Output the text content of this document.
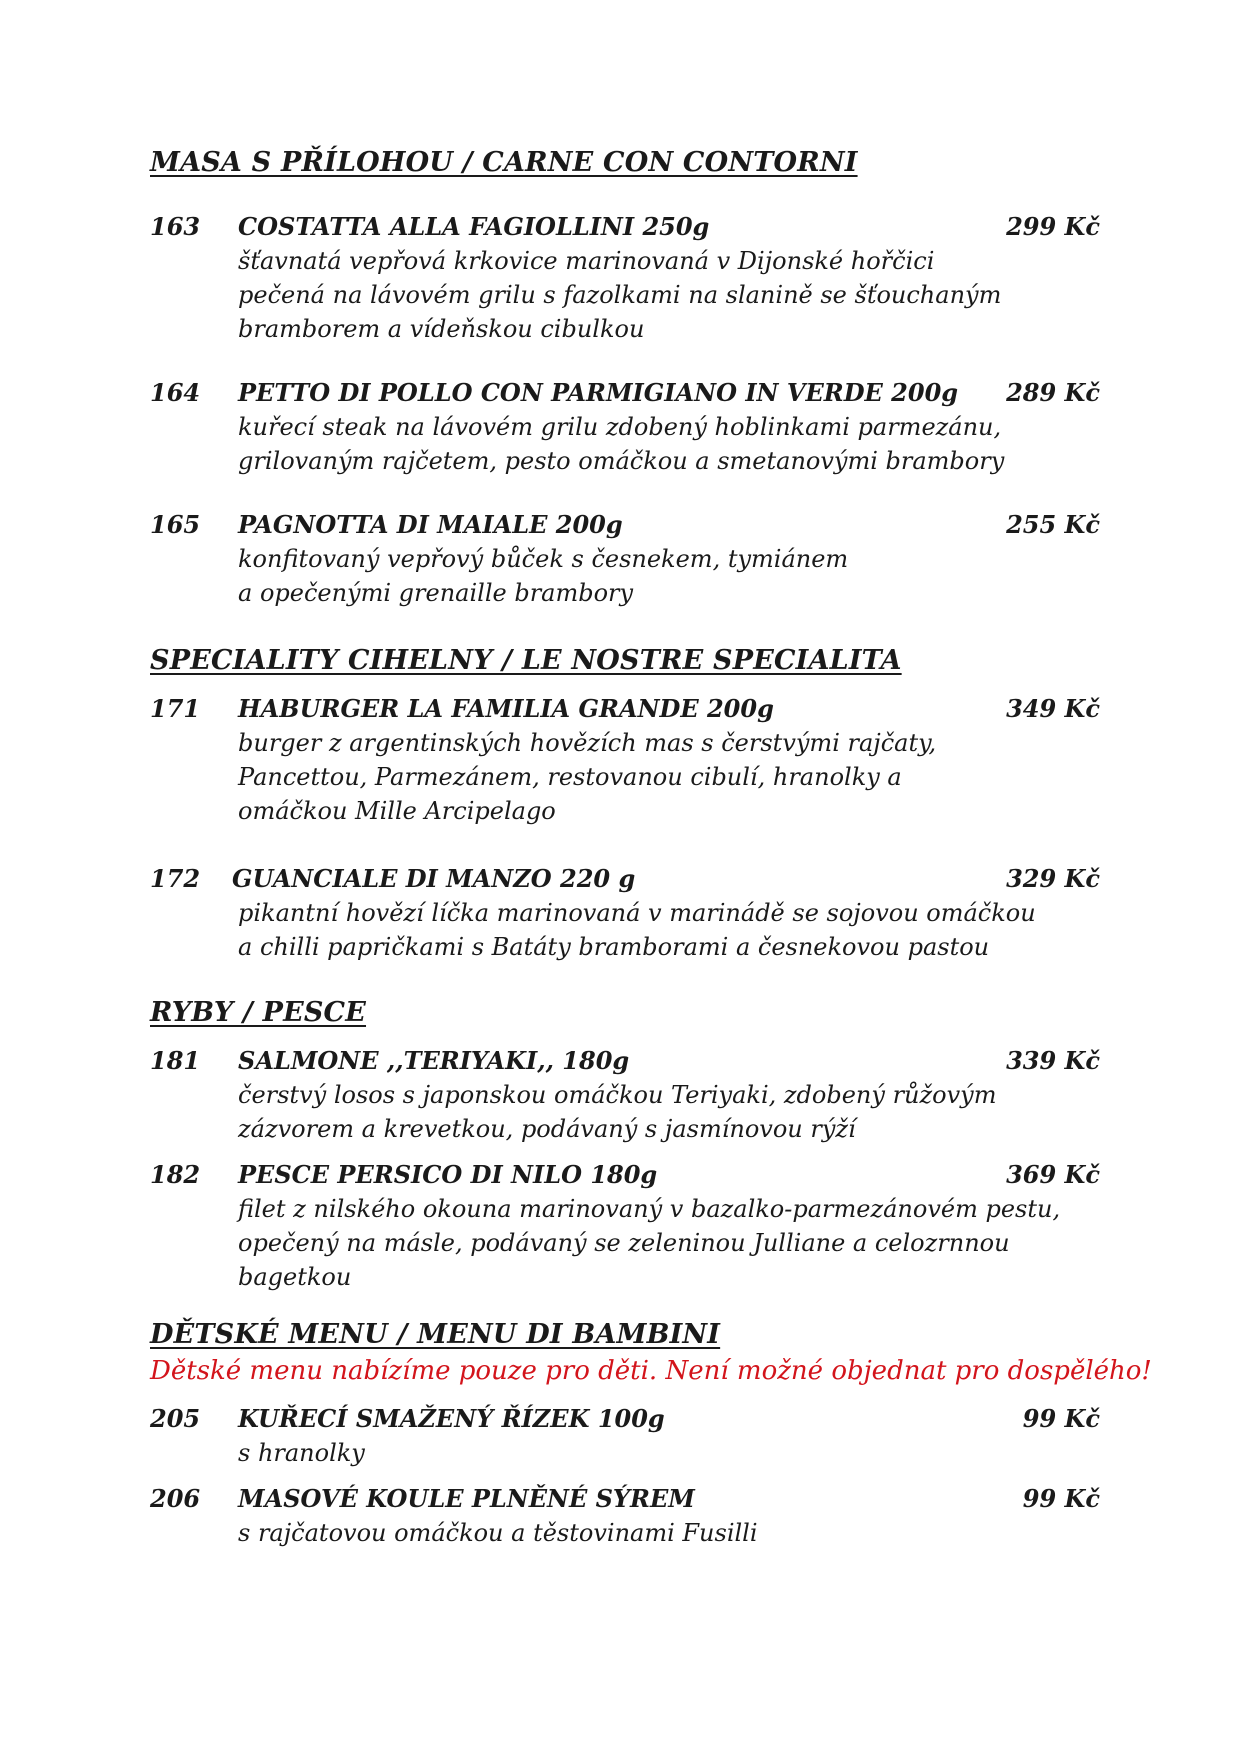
MASA S PŘÍLOHOU / CARNE CON CONTORNI
163 COSTATTA ALLA FAGIOLLINI 250g	299 Kč
šťavnatá vepřová krkovice marinovaná v Dijonské hořčici
pečená na lávovém grilu s fazolkami na slanině se šťouchaným
bramborem a vídeňskou cibulkou
164 PETTO DI POLLO CON PARMIGIANO IN VERDE 200g 289 Kč
kuřecí steak na lávovém grilu zdobený hoblinkami parmezánu,
grilovaným rajčetem, pesto omáčkou a smetanovými brambory
165 PAGNOTTA DI MAIALE 200g	255 Kč
konfitovaný vepřový bůček s česnekem, tymiánem
a opečenými grenaille brambory
SPECIALITY CIHELNY / LE NOSTRE SPECIALITA
171 HABURGER LA FAMILIA GRANDE 200g	349 Kč
burger z argentinských hovězích mas s čerstvými rajčaty,
Pancettou, Parmezánem, restovanou cibulí, hranolky a
omáčkou Mille Arcipelago
172 GUANCIALE DI MANZO 220 g	329 Kč
pikantní hovězí líčka marinovaná v marinádě se sojovou omáčkou
a chilli papričkami s Batáty bramborami a česnekovou pastou
RYBY / PESCE
181 SALMONE ,,TERIYAKI,, 180g	339 Kč
čerstvý losos s japonskou omáčkou Teriyaki, zdobený růžovým
zázvorem a krevetkou, podávaný s jasmínovou rýží
182 PESCE PERSICO DI NILO 180g	369 Kč
filet z nilského okouna marinovaný v bazalko-parmezánovém pestu,
opečený na másle, podávaný se zeleninou Julliane a celozrnnou
bagetkou
DĚTSKÉ MENU / MENU DI BAMBINI
Dětské menu nabízíme pouze pro děti. Není možné objednat pro dospělého!
205 KUŘECÍ SMAŽENÝ ŘÍZEK 100g	99 Kč
s hranolky
206 MASOVÉ KOULE PLNĚNÉ SÝREM	99 Kč
s rajčatovou omáčkou a těstovinami Fusilli
